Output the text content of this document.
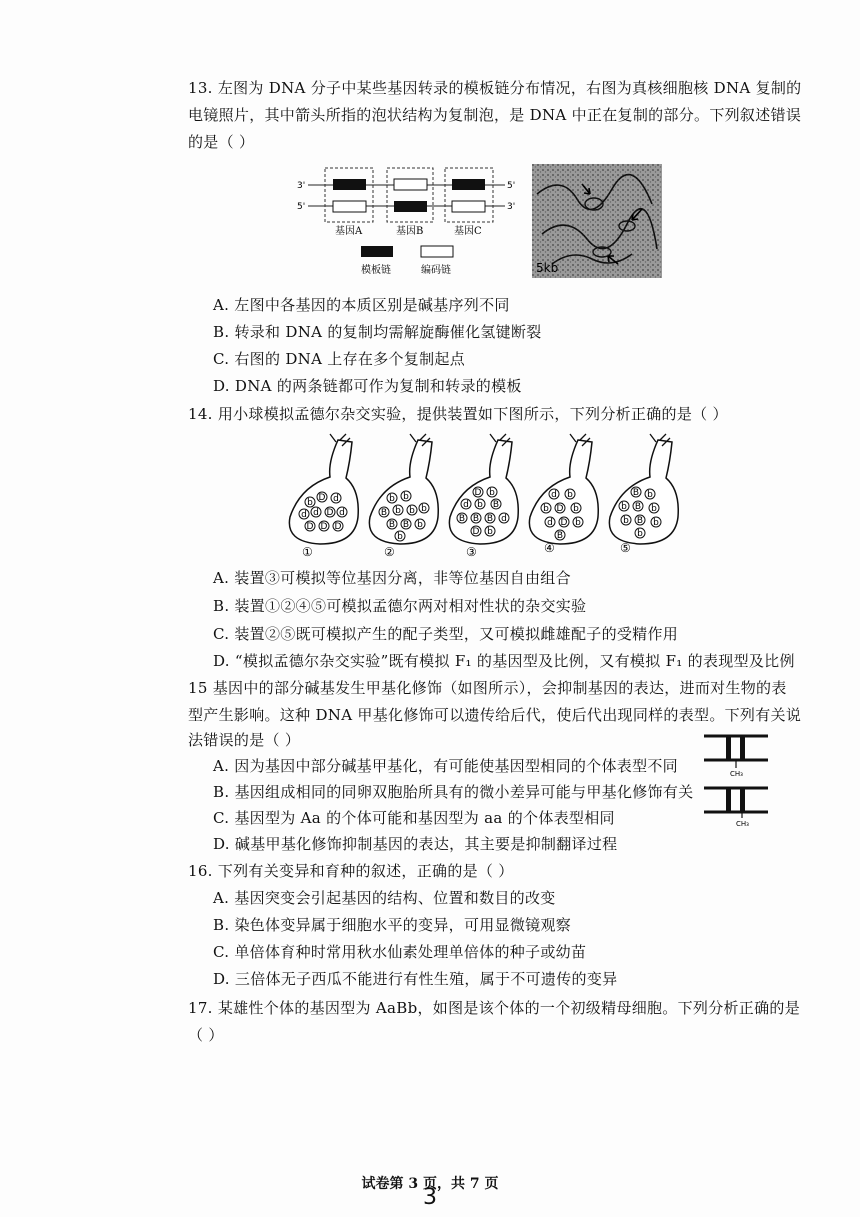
13. 左图为 DNA 分子中某些基因转录的模板链分布情况，右图为真核细胞核 DNA 复制的
电镜照片，其中箭头所指的泡状结构为复制泡，是 DNA 中正在复制的部分。下列叙述错误
的是（ ）
3'
5'
5'
3'
基因A	基因B	基因C
模板链	编码链	5kb
A. 左图中各基因的本质区别是碱基序列不同
B. 转录和 DNA 的复制均需解旋酶催化氢键断裂
C. 右图的 DNA 上存在多个复制起点
D. DNA 的两条链都可作为复制和转录的模板
14. 用小球模拟孟德尔杂交实验，提供装置如下图所示，下列分析正确的是（ ）
b D d
d d D d
D D D
b b
B b b b
B B b
b
D b
d b B
B B B d
D b
d b
b D b
d D b
B
B b
b B b
b B b
b
①	②	③	④	⑤
A. 装置③可模拟等位基因分离，非等位基因自由组合
B. 装置①②④⑤可模拟孟德尔两对相对性状的杂交实验
C. 装置②⑤既可模拟产生的配子类型，又可模拟雌雄配子的受精作用
D. “模拟孟德尔杂交实验”既有模拟 F₁ 的基因型及比例，又有模拟 F₁ 的表现型及比例
15 基因中的部分碱基发生甲基化修饰（如图所示），会抑制基因的表达，进而对生物的表
型产生影响。这种 DNA 甲基化修饰可以遗传给后代，使后代出现同样的表型。下列有关说
法错误的是（ ）
CH₃
CH₃
A. 因为基因中部分碱基甲基化，有可能使基因型相同的个体表型不同
B. 基因组成相同的同卵双胞胎所具有的微小差异可能与甲基化修饰有关
C. 基因型为 Aa 的个体可能和基因型为 aa 的个体表型相同
D. 碱基甲基化修饰抑制基因的表达，其主要是抑制翻译过程
16. 下列有关变异和育种的叙述，正确的是（ ）
A. 基因突变会引起基因的结构、位置和数目的改变
B. 染色体变异属于细胞水平的变异，可用显微镜观察
C. 单倍体育种时常用秋水仙素处理单倍体的种子或幼苗
D. 三倍体无子西瓜不能进行有性生殖，属于不可遗传的变异
17. 某雄性个体的基因型为 AaBb，如图是该个体的一个初级精母细胞。下列分析正确的是
（ ）
试卷第 3 页，共 7 页
3
